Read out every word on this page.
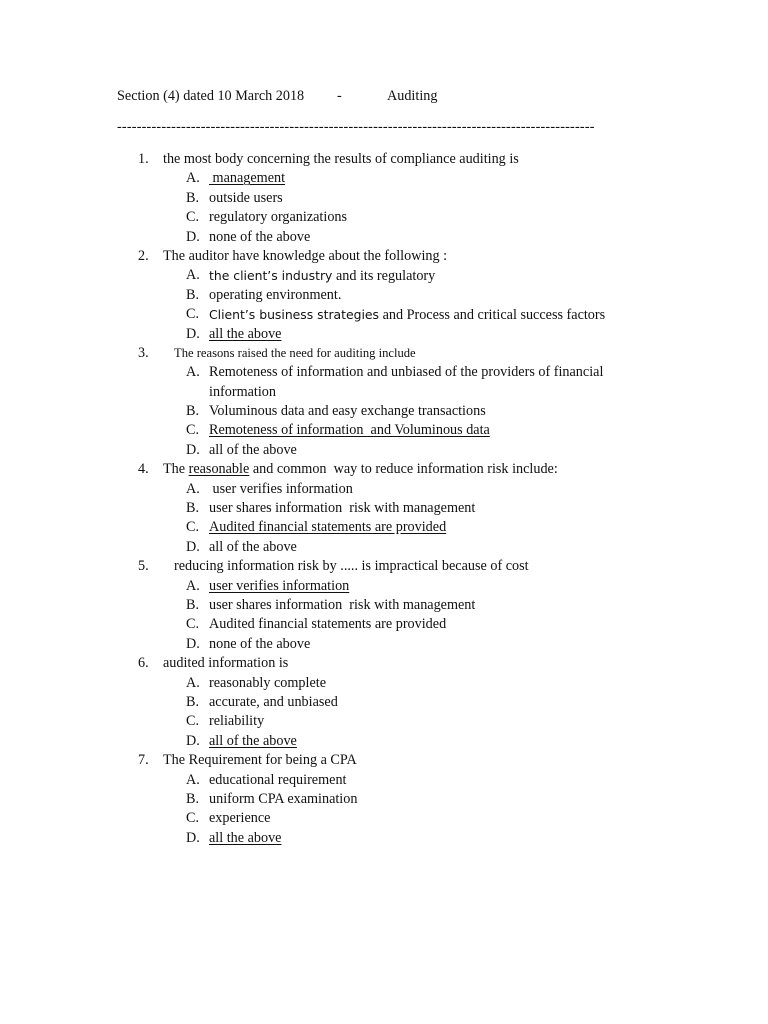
Section (4) dated 10 March 2018 -	Auditing
-------------------------------------------------------------------------------------------------
1. the most body concerning the results of compliance auditing is
A. management
B. outside users
C. regulatory organizations
D. none of the above
2. The auditor have knowledge about the following :
A. the client’s industry and its regulatory
B. operating environment.
C. Client’s business strategies and Process and critical success factors
D. all the above
3. The reasons raised the need for auditing include
A. Remoteness of information and unbiased of the providers of financial information
B. Voluminous data and easy exchange transactions
C. Remoteness of information  and Voluminous data
D. all of the above
4. The reasonable and common  way to reduce information risk include:
A. user verifies information
B. user shares information  risk with management
C. Audited financial statements are provided
D. all of the above
5. reducing information risk by ..... is impractical because of cost
A. user verifies information
B. user shares information  risk with management
C. Audited financial statements are provided
D. none of the above
6. audited information is
A. reasonably complete
B. accurate, and unbiased
C. reliability
D. all of the above
7. The Requirement for being a CPA
A. educational requirement
B. uniform CPA examination
C. experience
D. all the above
